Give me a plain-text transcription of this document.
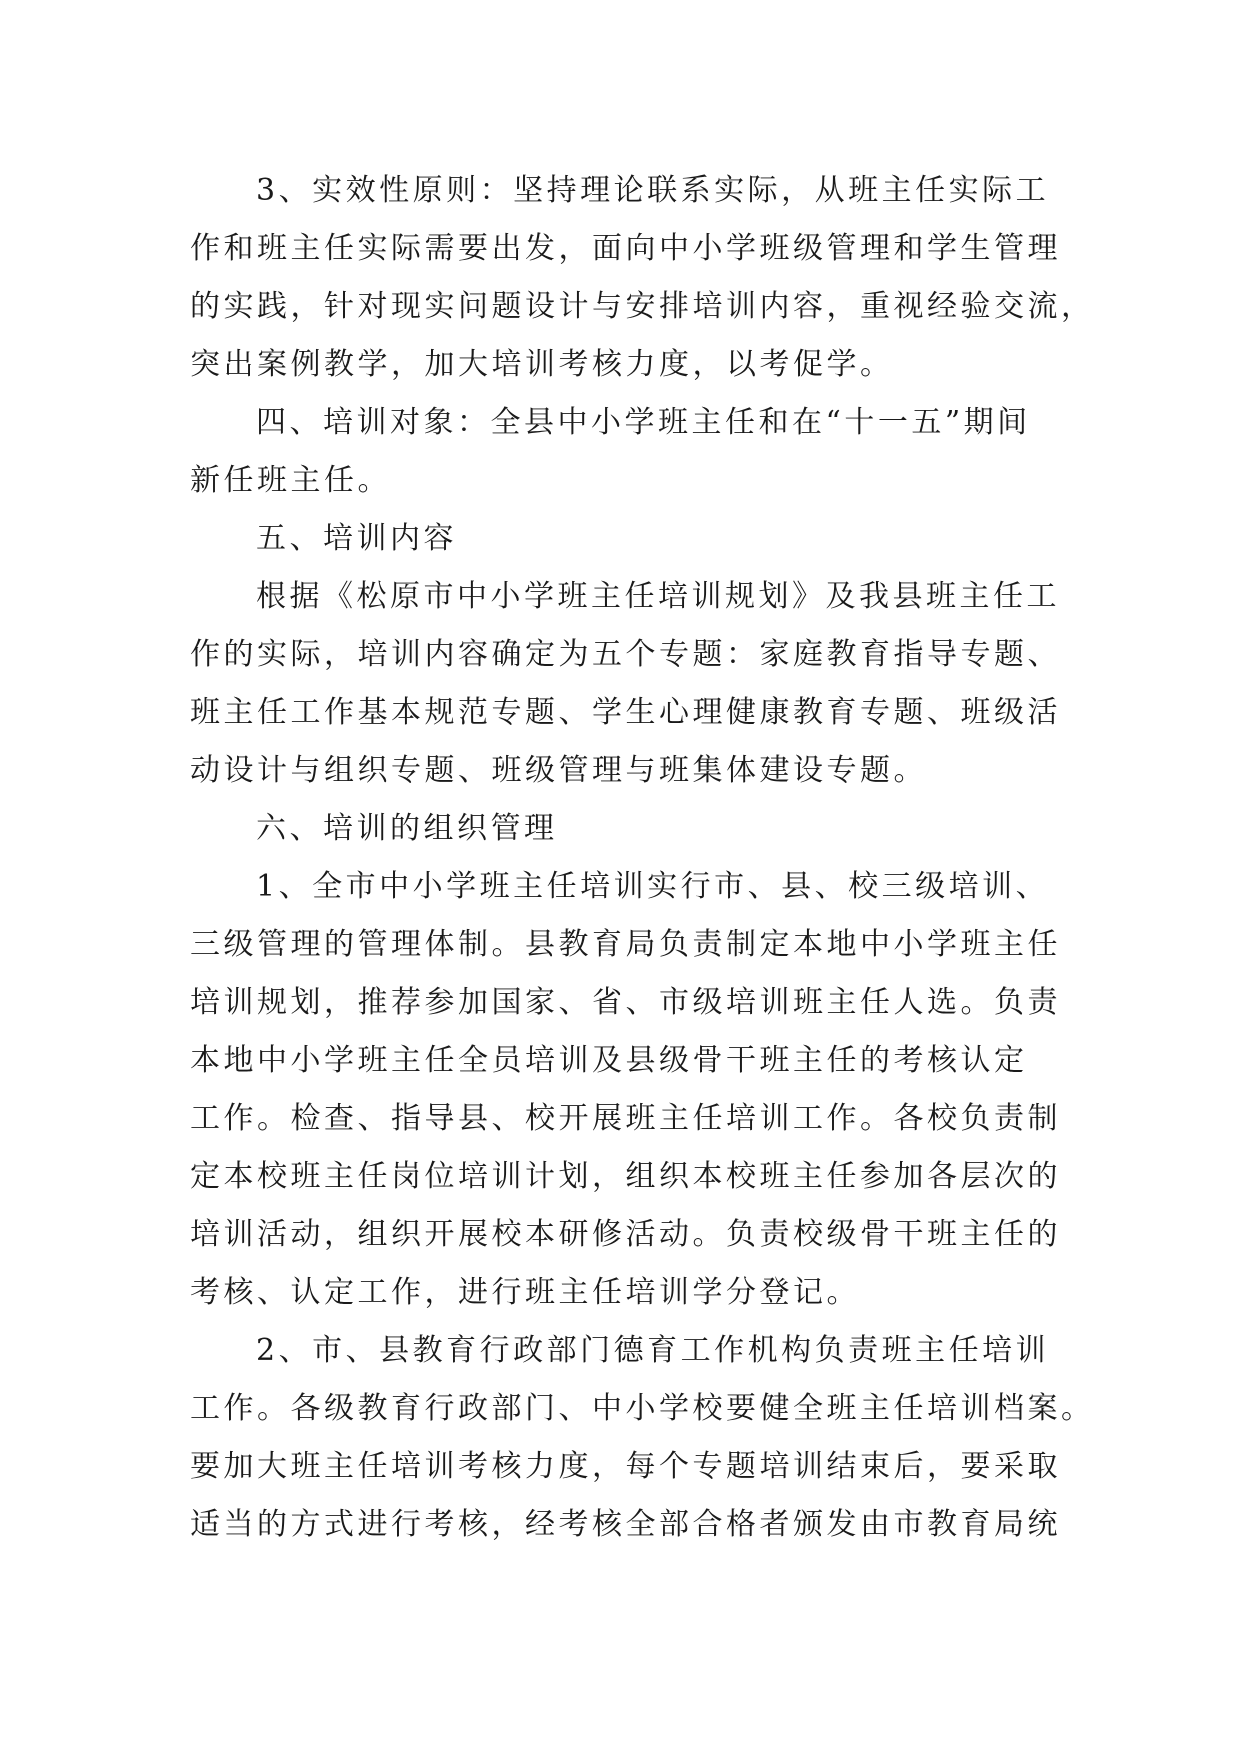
3、实效性原则：坚持理论联系实际，从班主任实际工
作和班主任实际需要出发，面向中小学班级管理和学生管理
的实践，针对现实问题设计与安排培训内容，重视经验交流，
突出案例教学，加大培训考核力度，以考促学。
四、培训对象：全县中小学班主任和在“十一五”期间
新任班主任。
五、培训内容
根据《松原市中小学班主任培训规划》及我县班主任工
作的实际，培训内容确定为五个专题：家庭教育指导专题、
班主任工作基本规范专题、学生心理健康教育专题、班级活
动设计与组织专题、班级管理与班集体建设专题。
六、培训的组织管理
1、全市中小学班主任培训实行市、县、校三级培训、
三级管理的管理体制。县教育局负责制定本地中小学班主任
培训规划，推荐参加国家、省、市级培训班主任人选。负责
本地中小学班主任全员培训及县级骨干班主任的考核认定
工作。检查、指导县、校开展班主任培训工作。各校负责制
定本校班主任岗位培训计划，组织本校班主任参加各层次的
培训活动，组织开展校本研修活动。负责校级骨干班主任的
考核、认定工作，进行班主任培训学分登记。
2、市、县教育行政部门德育工作机构负责班主任培训
工作。各级教育行政部门、中小学校要健全班主任培训档案。
要加大班主任培训考核力度，每个专题培训结束后，要采取
适当的方式进行考核，经考核全部合格者颁发由市教育局统
